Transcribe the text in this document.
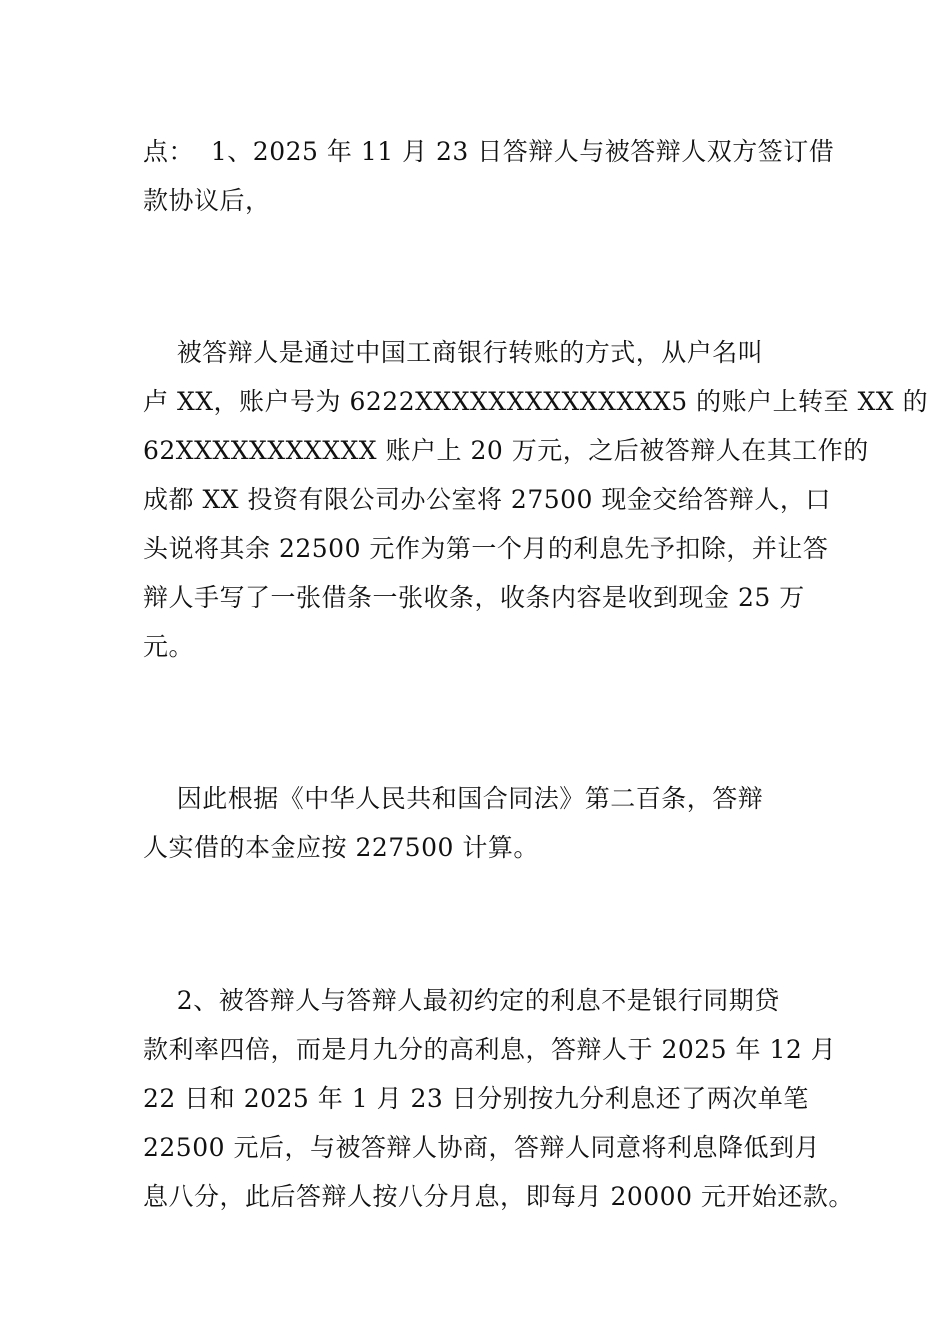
点：  1、2025 年 11 月 23 日答辩人与被答辩人双方签订借
款协议后，
被答辩人是通过中国工商银行转账的方式，从户名叫
卢 XX，账户号为 6222XXXXXXXXXXXXXX5 的账户上转至 XX 的
62XXXXXXXXXXX 账户上 20 万元，之后被答辩人在其工作的
成都 XX 投资有限公司办公室将 27500 现金交给答辩人，口
头说将其余 22500 元作为第一个月的利息先予扣除，并让答
辩人手写了一张借条一张收条，收条内容是收到现金 25 万
元。
因此根据《中华人民共和国合同法》第二百条，答辩
人实借的本金应按 227500 计算。
2、被答辩人与答辩人最初约定的利息不是银行同期贷
款利率四倍，而是月九分的高利息，答辩人于 2025 年 12 月
22 日和 2025 年 1 月 23 日分别按九分利息还了两次单笔
22500 元后，与被答辩人协商，答辩人同意将利息降低到月
息八分，此后答辩人按八分月息，即每月 20000 元开始还款。
